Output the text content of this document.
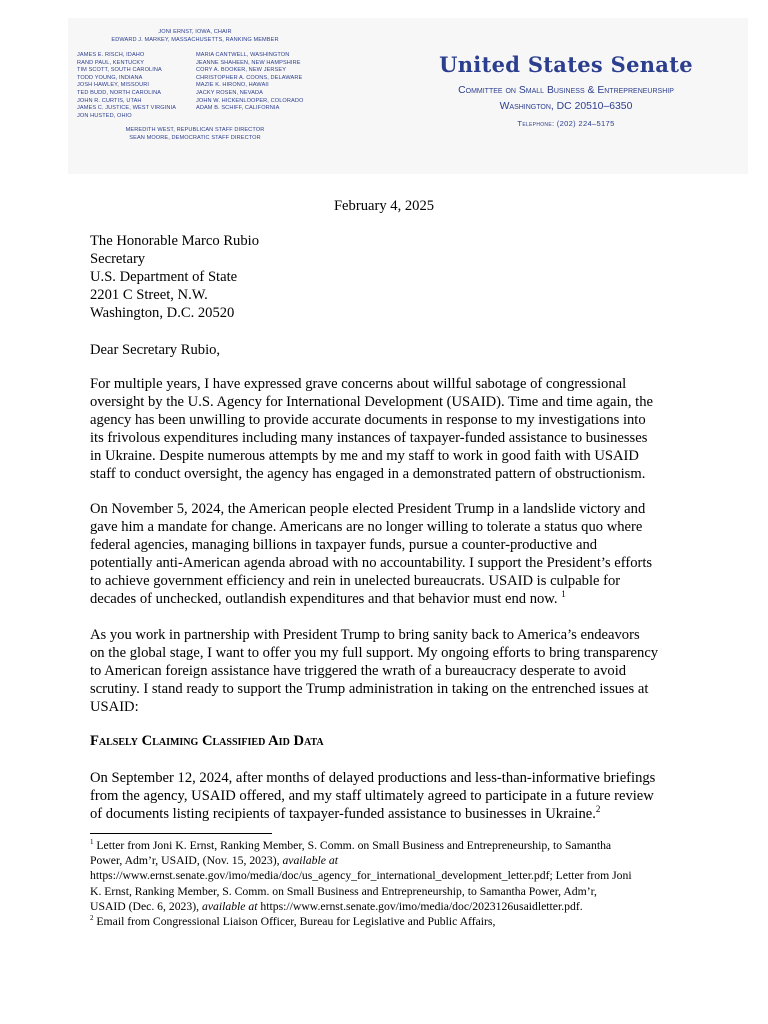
JONI ERNST, IOWA, CHAIR
EDWARD J. MARKEY, MASSACHUSETTS, RANKING MEMBER
JAMES E. RISCH, IDAHO
RAND PAUL, KENTUCKY
TIM SCOTT, SOUTH CAROLINA
TODD YOUNG, INDIANA
JOSH HAWLEY, MISSOURI
TED BUDD, NORTH CAROLINA
JOHN R. CURTIS, UTAH
JAMES C. JUSTICE, WEST VIRGINIA
JON HUSTED, OHIO
MARIA CANTWELL, WASHINGTON
JEANNE SHAHEEN, NEW HAMPSHIRE
CORY A. BOOKER, NEW JERSEY
CHRISTOPHER A. COONS, DELAWARE
MAZIE K. HIRONO, HAWAII
JACKY ROSEN, NEVADA
JOHN W. HICKENLOOPER, COLORADO
ADAM B. SCHIFF, CALIFORNIA
MEREDITH WEST, REPUBLICAN STAFF DIRECTOR
SEAN MOORE, DEMOCRATIC STAFF DIRECTOR
United States Senate
Committee on Small Business & Entrepreneurship
Washington, DC 20510–6350
Telephone: (202) 224–5175
February 4, 2025
The Honorable Marco Rubio
Secretary
U.S. Department of State
2201 C Street, N.W.
Washington, D.C. 20520
Dear Secretary Rubio,
For multiple years, I have expressed grave concerns about willful sabotage of congressional
oversight by the U.S. Agency for International Development (USAID). Time and time again, the
agency has been unwilling to provide accurate documents in response to my investigations into
its frivolous expenditures including many instances of taxpayer-funded assistance to businesses
in Ukraine. Despite numerous attempts by me and my staff to work in good faith with USAID
staff to conduct oversight, the agency has engaged in a demonstrated pattern of obstructionism.
On November 5, 2024, the American people elected President Trump in a landslide victory and
gave him a mandate for change. Americans are no longer willing to tolerate a status quo where
federal agencies, managing billions in taxpayer funds, pursue a counter-productive and
potentially anti-American agenda abroad with no accountability. I support the President’s efforts
to achieve government efficiency and rein in unelected bureaucrats. USAID is culpable for
decades of unchecked, outlandish expenditures and that behavior must end now. $^1$
As you work in partnership with President Trump to bring sanity back to America’s endeavors
on the global stage, I want to offer you my full support. My ongoing efforts to bring transparency
to American foreign assistance have triggered the wrath of a bureaucracy desperate to avoid
scrutiny. I stand ready to support the Trump administration in taking on the entrenched issues at
USAID:
Falsely Claiming Classified Aid Data
On September 12, 2024, after months of delayed productions and less-than-informative briefings
from the agency, USAID offered, and my staff ultimately agreed to participate in a future review
of documents listing recipients of taxpayer-funded assistance to businesses in Ukraine.$^2$
$^1$ Letter from Joni K. Ernst, Ranking Member, S. Comm. on Small Business and Entrepreneurship, to Samantha
Power, Adm’r, USAID, (Nov. 15, 2023), available at
https://www.ernst.senate.gov/imo/media/doc/us_agency_for_international_development_letter.pdf; Letter from Joni
K. Ernst, Ranking Member, S. Comm. on Small Business and Entrepreneurship, to Samantha Power, Adm’r,
USAID (Dec. 6, 2023), available at https://www.ernst.senate.gov/imo/media/doc/2023126usaidletter.pdf.
$^2$ Email from Congressional Liaison Officer, Bureau for Legislative and Public Affairs,
